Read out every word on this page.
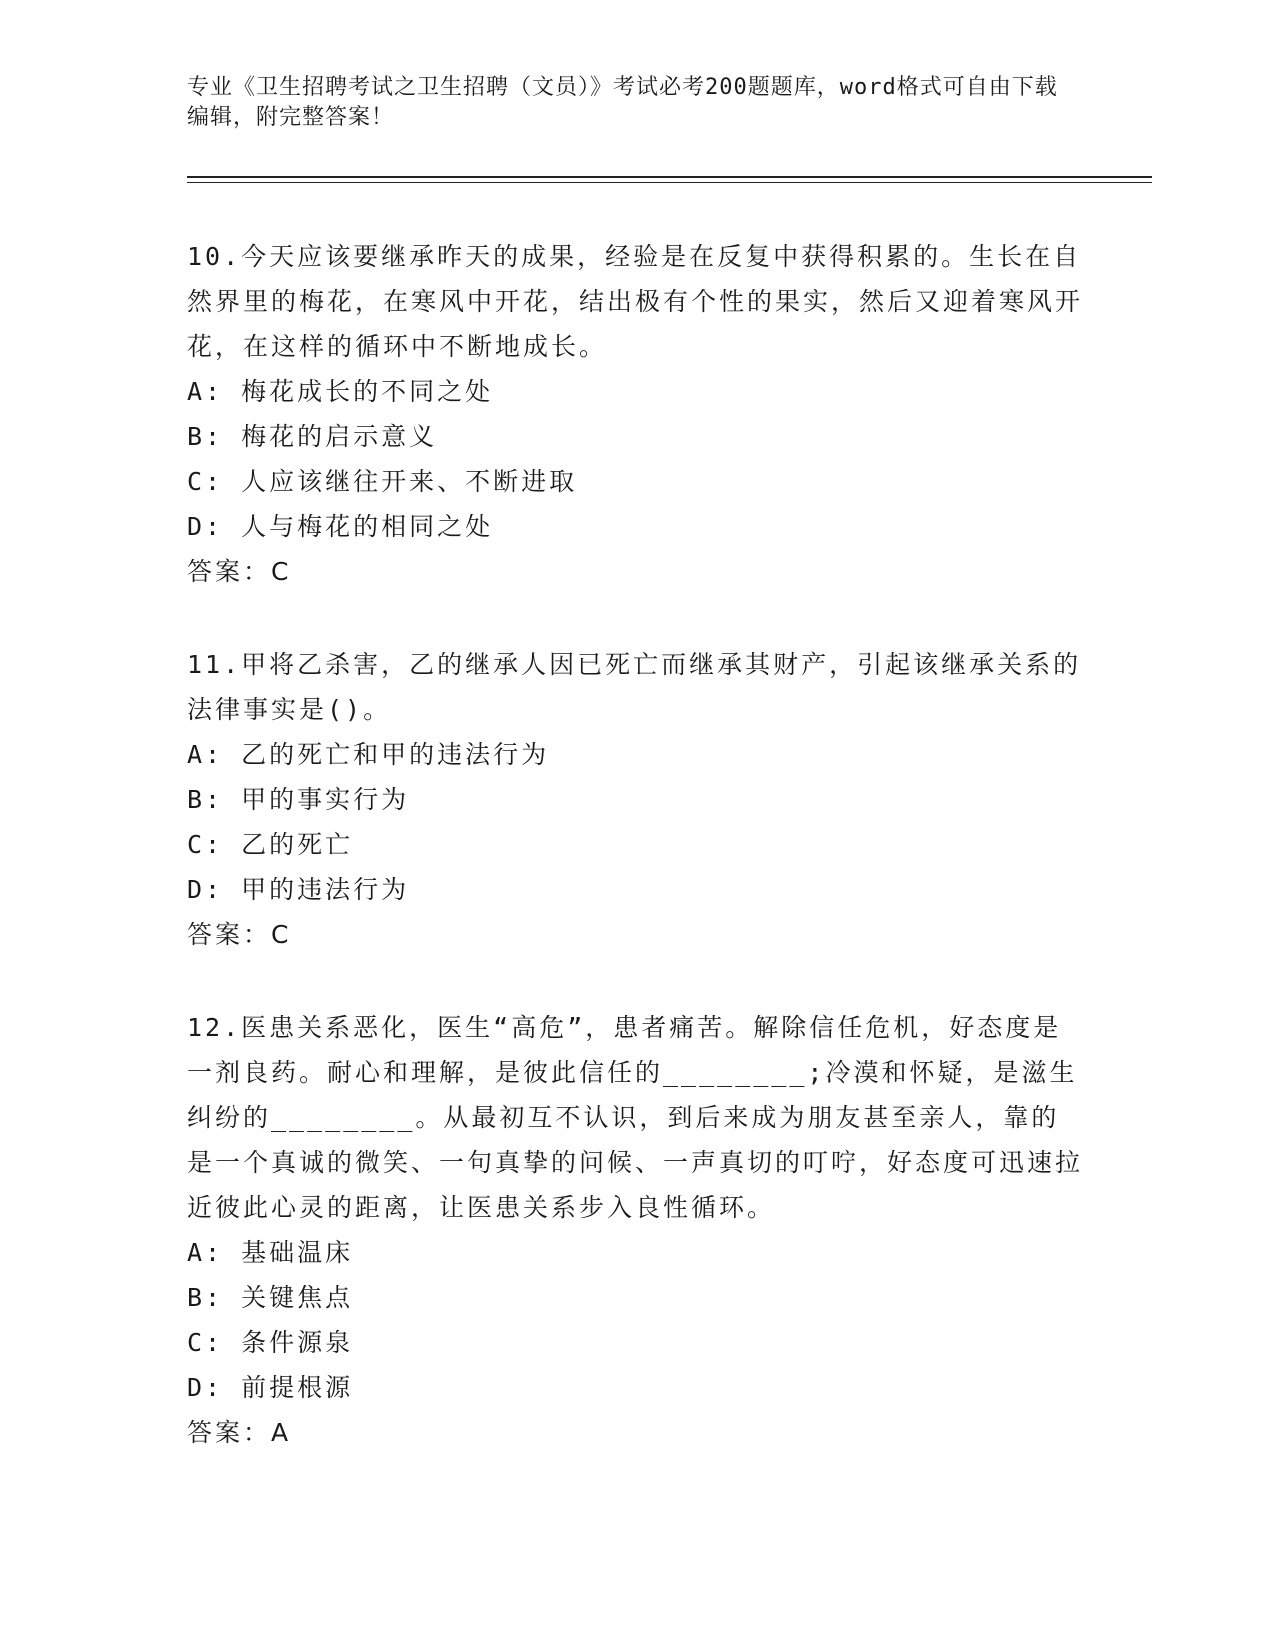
专业《卫生招聘考试之卫生招聘（文员）》考试必考200题题库，word格式可自由下载编辑，附完整答案！

10.今天应该要继承昨天的成果，经验是在反复中获得积累的。生长在自然界里的梅花，在寒风中开花，结出极有个性的果实，然后又迎着寒风开花，在这样的循环中不断地成长。

A: 梅花成长的不同之处

B: 梅花的启示意义

C: 人应该继往开来、不断进取

D: 人与梅花的相同之处

答案：C

11.甲将乙杀害，乙的继承人因已死亡而继承其财产，引起该继承关系的法律事实是()。

A: 乙的死亡和甲的违法行为

B: 甲的事实行为

C: 乙的死亡

D: 甲的违法行为

答案：C

12.医患关系恶化，医生“高危”，患者痛苦。解除信任危机，好态度是一剂良药。耐心和理解，是彼此信任的________;冷漠和怀疑，是滋生纠纷的________。从最初互不认识，到后来成为朋友甚至亲人，靠的是一个真诚的微笑、一句真挚的问候、一声真切的叮咛，好态度可迅速拉近彼此心灵的距离，让医患关系步入良性循环。

A: 基础温床

B: 关键焦点

C: 条件源泉

D: 前提根源

答案：A
